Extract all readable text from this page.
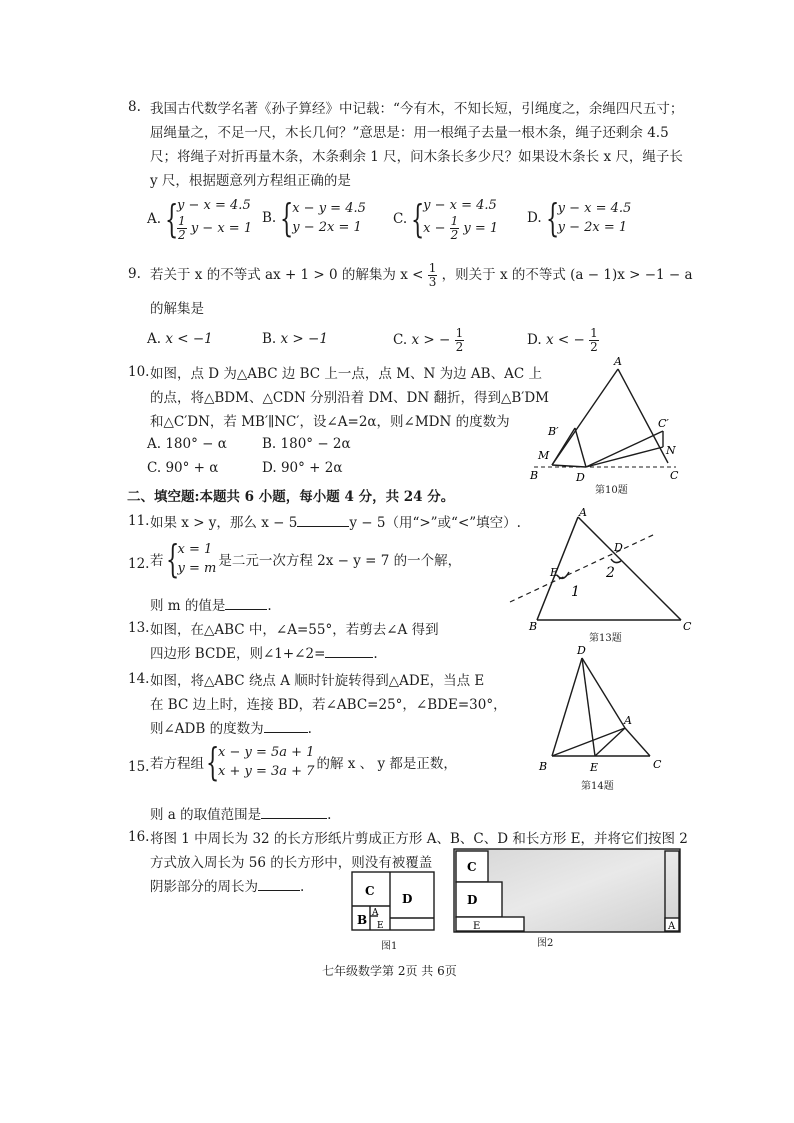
8. 我国古代数学名著《孙子算经》中记载：“今有木，不知长短，引绳度之，余绳四尺五寸；
屈绳量之，不足一尺，木长几何？”意思是：用一根绳子去量一根木条，绳子还剩余 4.5
尺；将绳子对折再量木条，木条剩余 1 尺，问木条长多少尺？如果设木条长 x 尺，绳子长
y 尺，根据题意列方程组正确的是
A. {
y − x = 4.5
$\frac{1}{2}$ y − x = 1
B. {
x − y = 4.5
y − 2x = 1
C. {
y − x = 4.5
$x - \frac{1}{2}$ y = 1
D. {
y − x = 4.5
y − 2x = 1
9. 若关于 x 的不等式 ax + 1 > 0 的解集为 $x < \frac{1}{3}$ ，则关于 x 的不等式 (a − 1)x > −1 − a
的解集是
A. x < −1	B. x > −1	C. x > − $\frac{1}{2}$	D. x < − $\frac{1}{2}$
10. 如图，点 D 为△ABC 边 BC 上一点，点 M、N 为边 AB、AC 上
的点，将△BDM、△CDN 分别沿着 DM、DN 翻折，得到△B′DM
和△C′DN，若 MB′∥NC′，设∠A=2α，则∠MDN 的度数为
A. 180° − α	B. 180° − 2α
C. 90° + α	D. 90° + 2α
A
B′
C′
M	N
B	D	C
第10题
二、填空题:本题共 6 小题，每小题 4 分，共 24 分。
11. 如果 x > y，那么 x − 5	y − 5（用“>”或“<”填空）.
12. 若 {
x = 1
y = m 是二元一次方程 2x − y = 7 的一个解，
则 m 的值是	.
13. 如图，在△ABC 中，∠A=55°，若剪去∠A 得到
四边形 BCDE，则∠1+∠2=	.
A
D
E
1
2
B	C
第13题
14. 如图，将△ABC 绕点 A 顺时针旋转得到△ADE，当点 E
在 BC 边上时，连接 BD，若∠ABC=25°，∠BDE=30°，
则∠ADB 的度数为	.
D
A
B	E	C
第14题
15. 若方程组 {
x − y = 5a + 1
x + y = 3a + 7 的解 x 、 y 都是正数，
则 a 的取值范围是	.
16. 将图 1 中周长为 32 的长方形纸片剪成正方形 A、B、C、D 和长方形 E，并将它们按图 2
方式放入周长为 56 的长方形中，则没有被覆盖
阴影部分的周长为	.	C
D
B A
E
图1
C
D
E	A
图2
七年级数学第 2页 共 6页
